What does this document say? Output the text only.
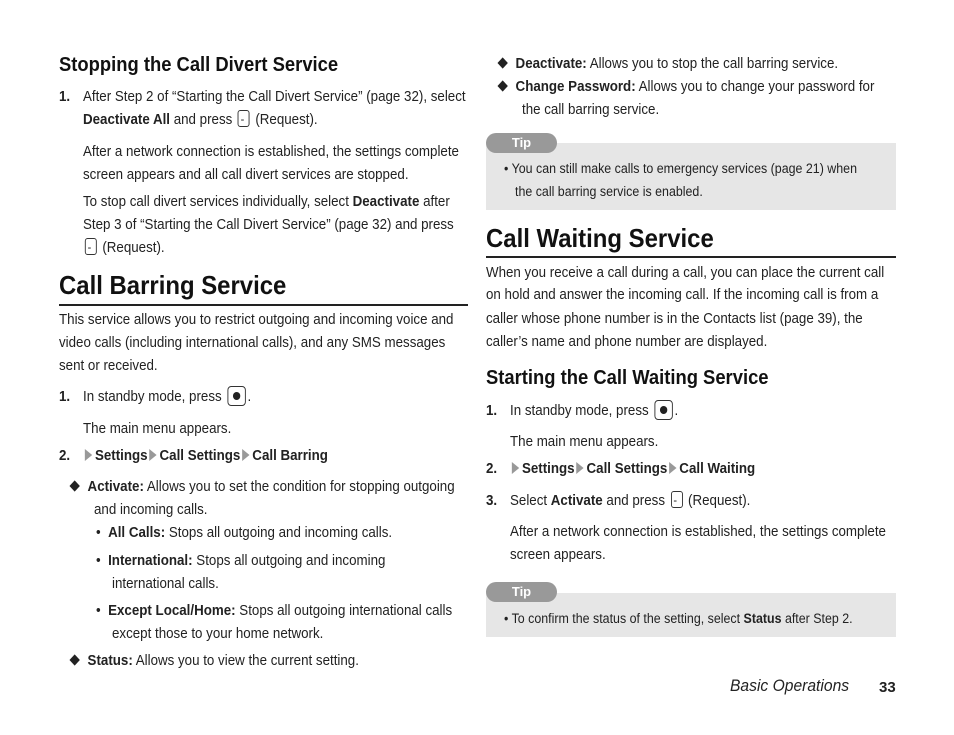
Stopping the Call Divert Service
1. After Step 2 of “Starting the Call Divert Service” (page 32), select
Deactivate All and press - (Request).
After a network connection is established, the settings complete
screen appears and all call divert services are stopped.
To stop call divert services individually, select Deactivate after
Step 3 of “Starting the Call Divert Service” (page 32) and press
- (Request).
Call Barring Service
This service allows you to restrict outgoing and incoming voice and
video calls (including international calls), and any SMS messages
sent or received.
1. In standby mode, press .
The main menu appears.
2.	Settings Call Settings Call Barring
Activate: Allows you to set the condition for stopping outgoing
and incoming calls.
•  All Calls: Stops all outgoing and incoming calls.
•  International: Stops all outgoing and incoming
international calls.
•  Except Local/Home: Stops all outgoing international calls
except those to your home network.
Status: Allows you to view the current setting.
Deactivate: Allows you to stop the call barring service.
Change Password: Allows you to change your password for
the call barring service.
Tip
• You can still make calls to emergency services (page 21) when
the call barring service is enabled.
Call Waiting Service
When you receive a call during a call, you can place the current call
on hold and answer the incoming call. If the incoming call is from a
caller whose phone number is in the Contacts list (page 39), the
caller’s name and phone number are displayed.
Starting the Call Waiting Service
1. In standby mode, press .
The main menu appears.
2.	Settings Call Settings Call Waiting
3. Select Activate and press - (Request).
After a network connection is established, the settings complete
screen appears.
Tip
• To confirm the status of the setting, select Status after Step 2.
Basic Operations 33
